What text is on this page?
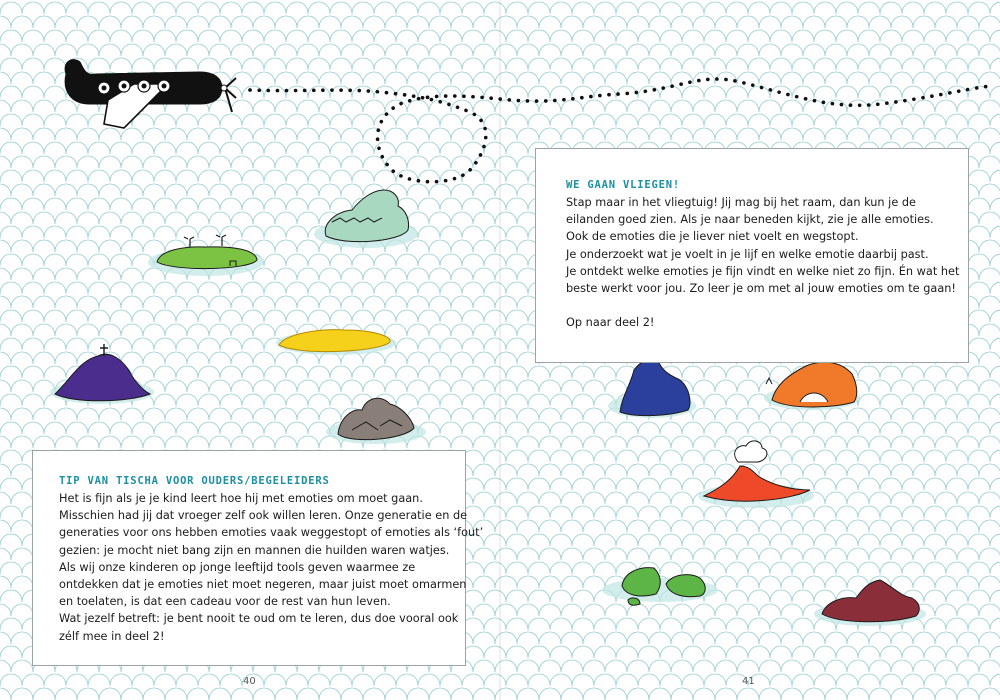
WE GAAN VLIEGEN!

Stap maar in het vliegtuig! Jij mag bij het raam, dan kun je de

eilanden goed zien. Als je naar beneden kijkt, zie je alle emoties.

Ook de emoties die je liever niet voelt en wegstopt.

Je onderzoekt wat je voelt in je lijf en welke emotie daarbij past.

Je ontdekt welke emoties je fijn vindt en welke niet zo fijn. Én wat het

beste werkt voor jou. Zo leer je om met al jouw emoties om te gaan!

Op naar deel 2!

TIP VAN TISCHA VOOR OUDERS/BEGELEIDERS

Het is fijn als je je kind leert hoe hij met emoties om moet gaan.

Misschien had jij dat vroeger zelf ook willen leren. Onze generatie en de

generaties voor ons hebben emoties vaak weggestopt of emoties als ‘fout’

gezien: je mocht niet bang zijn en mannen die huilden waren watjes.

Als wij onze kinderen op jonge leeftijd tools geven waarmee ze

ontdekken dat je emoties niet moet negeren, maar juist moet omarmen

en toelaten, is dat een cadeau voor de rest van hun leven.

Wat jezelf betreft: je bent nooit te oud om te leren, dus doe vooral ook

zélf mee in deel 2!

40	41
